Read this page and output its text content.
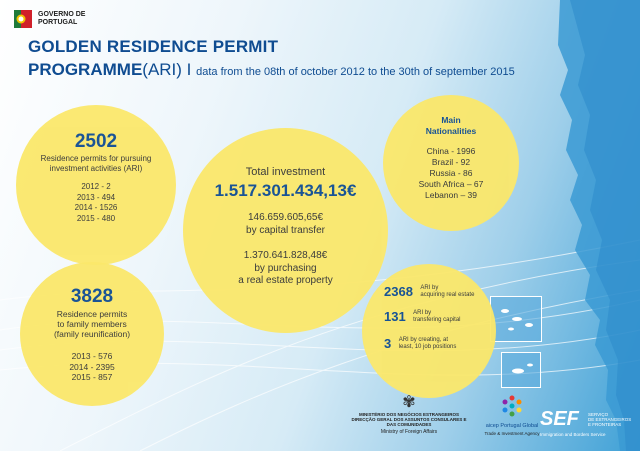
GOVERNO DE PORTUGAL
GOLDEN RESIDENCE PERMIT
PROGRAMME(ARI) I data from the 08th of october 2012 to the 30th of september 2015
2502
Residence permits for pursuing investment activities (ARI)
2012 - 2
2013 - 494
2014 - 1526
2015 - 480
3828
Residence permits
to family members
(family reunification)
2013 - 576
2014 - 2395
2015 - 857
Total investment
1.517.301.434,13€
146.659.605,65€
by capital transfer
1.370.641.828,48€
by purchasing
a real estate property
Main
Nationalities
China - 1996
Brazil - 92
Russia - 86
South Africa – 67
Lebanon – 39
2368 ARI by
acquiring real estate
131 ARI by
transfering capital
3 ARI by creating, at
least, 10 job positions
✾
MINISTÉRIO DOS NEGÓCIOS ESTRANGEIROS
DIRECÇÃO GERAL DOS ASSUNTOS CONSULARES E
DAS COMUNIDADES
Ministry of Foreign Affairs
aicep Portugal Global
Trade & Investment Agency
SEF	SERVIÇO
DE ESTRANGEIROS
E FRONTEIRAS
Immigration and Borders Service
